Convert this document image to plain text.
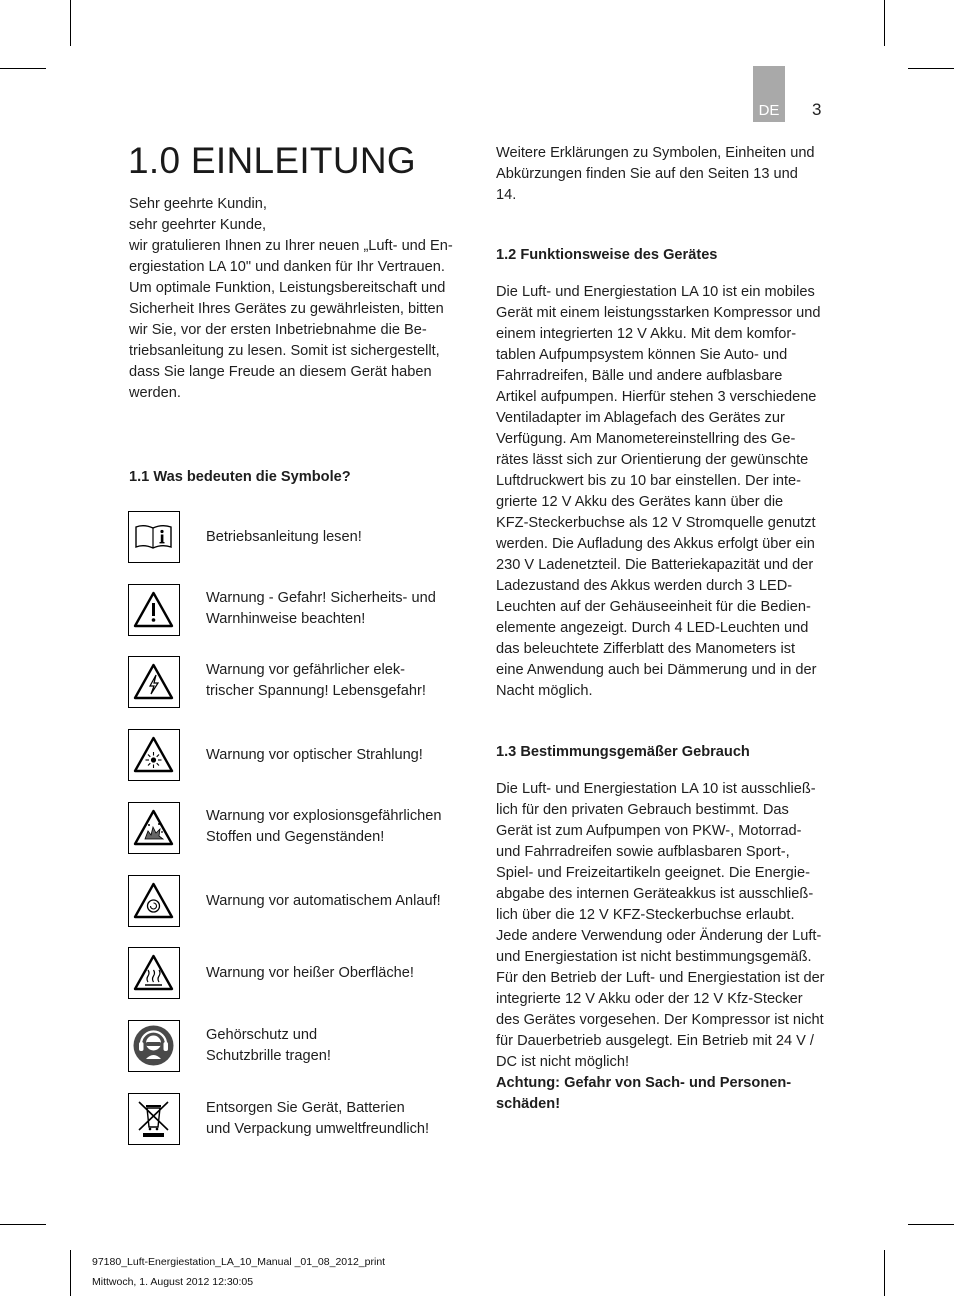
DE	3
1.0 EINLEITUNG
Sehr geehrte Kundin,
sehr geehrter Kunde,
wir gratulieren Ihnen zu Ihrer neuen „Luft- und En-
ergiestation LA 10" und danken für Ihr Vertrauen.
Um optimale Funktion, Leistungsbereitschaft und
Sicherheit Ihres Gerätes zu gewährleisten, bitten
wir Sie, vor der ersten Inbetriebnahme die Be-
triebsanleitung zu lesen. Somit ist sichergestellt,
dass Sie lange Freude an diesem Gerät haben
werden.
1.1 Was bedeuten die Symbole?
Betriebsanleitung lesen!
Warnung - Gefahr! Sicherheits- und
Warnhinweise beachten!
Warnung vor gefährlicher elek-
trischer Spannung! Lebensgefahr!
Warnung vor optischer Strahlung!
Warnung vor explosionsgefährlichen
Stoffen und Gegenständen!
Warnung vor automatischem Anlauf!
Warnung vor heißer Oberfläche!
Gehörschutz und
Schutzbrille tragen!
Entsorgen Sie Gerät, Batterien
und Verpackung umweltfreundlich!
Weitere Erklärungen zu Symbolen, Einheiten und
Abkürzungen finden Sie auf den Seiten 13 und
14.
1.2 Funktionsweise des Gerätes
Die Luft- und Energiestation LA 10 ist ein mobiles
Gerät mit einem leistungsstarken Kompressor und
einem integrierten 12 V Akku. Mit dem komfor-
tablen Aufpumpsystem können Sie Auto- und
Fahrradreifen, Bälle und andere aufblasbare
Artikel aufpumpen. Hierfür stehen 3 verschiedene
Ventiladapter im Ablagefach des Gerätes zur
Verfügung. Am Manometereinstellring des Ge-
rätes lässt sich zur Orientierung der gewünschte
Luftdruckwert bis zu 10 bar einstellen. Der inte-
grierte 12 V Akku des Gerätes kann über die
KFZ-Steckerbuchse als 12 V Stromquelle genutzt
werden. Die Aufladung des Akkus erfolgt über ein
230 V Ladenetzteil. Die Batteriekapazität und der
Ladezustand des Akkus werden durch 3 LED-
Leuchten auf der Gehäuseeinheit für die Bedien-
elemente angezeigt. Durch 4 LED-Leuchten und
das beleuchtete Zifferblatt des Manometers ist
eine Anwendung auch bei Dämmerung und in der
Nacht möglich.
1.3 Bestimmungsgemäßer Gebrauch
Die Luft- und Energiestation LA 10 ist ausschließ-
lich für den privaten Gebrauch bestimmt. Das
Gerät ist zum Aufpumpen von PKW-, Motorrad-
und Fahrradreifen sowie aufblasbaren Sport-,
Spiel- und Freizeitartikeln geeignet. Die Energie-
abgabe des internen Geräteakkus ist ausschließ-
lich über die 12 V KFZ-Steckerbuchse erlaubt.
Jede andere Verwendung oder Änderung der Luft-
und Energiestation ist nicht bestimmungsgemäß.
Für den Betrieb der Luft- und Energiestation ist der
integrierte 12 V Akku oder der 12 V Kfz-Stecker
des Gerätes vorgesehen. Der Kompressor ist nicht
für Dauerbetrieb ausgelegt. Ein Betrieb mit 24 V /
DC ist nicht möglich!
Achtung: Gefahr von Sach- und Personen-
schäden!
97180_Luft-Energiestation_LA_10_Manual _01_08_2012_print
Mittwoch, 1. August 2012 12:30:05
